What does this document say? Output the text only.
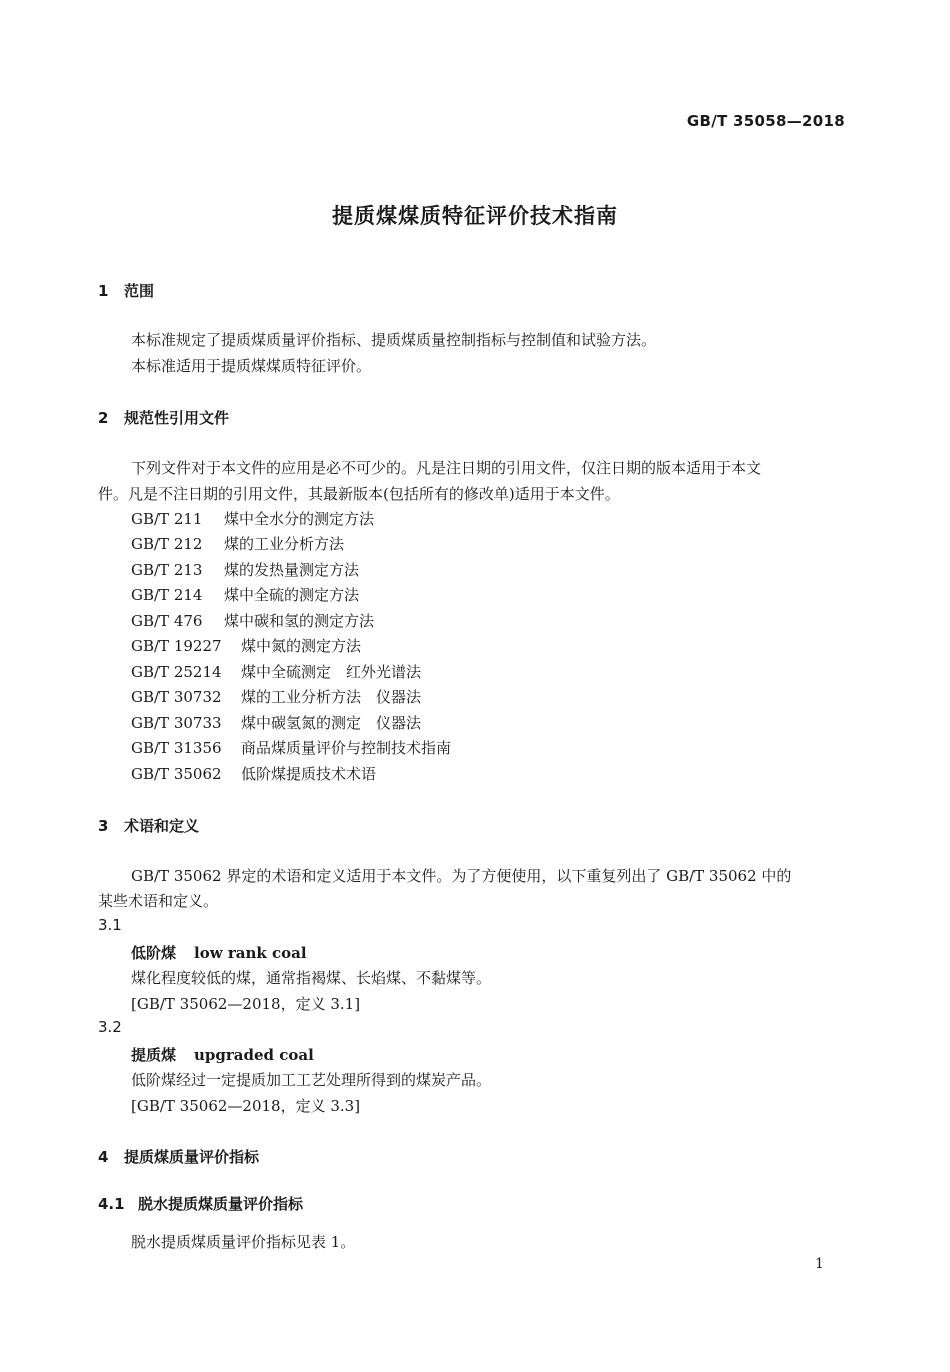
GB/T 35058—2018
提质煤煤质特征评价技术指南
1 范围
本标准规定了提质煤质量评价指标、提质煤质量控制指标与控制值和试验方法。
本标准适用于提质煤煤质特征评价。
2 规范性引用文件
下列文件对于本文件的应用是必不可少的。凡是注日期的引用文件，仅注日期的版本适用于本文
件。凡是不注日期的引用文件，其最新版本(包括所有的修改单)适用于本文件。
GB/T 211 煤中全水分的测定方法
GB/T 212 煤的工业分析方法
GB/T 213 煤的发热量测定方法
GB/T 214 煤中全硫的测定方法
GB/T 476 煤中碳和氢的测定方法
GB/T 19227 煤中氮的测定方法
GB/T 25214 煤中全硫测定　红外光谱法
GB/T 30732 煤的工业分析方法　仪器法
GB/T 30733 煤中碳氢氮的测定　仪器法
GB/T 31356 商品煤质量评价与控制技术指南
GB/T 35062 低阶煤提质技术术语
3 术语和定义
GB/T 35062 界定的术语和定义适用于本文件。为了方便使用，以下重复列出了 GB/T 35062 中的
某些术语和定义。
3.1
低阶煤 low rank coal
煤化程度较低的煤，通常指褐煤、长焰煤、不黏煤等。
[GB/T 35062—2018，定义 3.1]
3.2
提质煤 upgraded coal
低阶煤经过一定提质加工工艺处理所得到的煤炭产品。
[GB/T 35062—2018，定义 3.3]
4 提质煤质量评价指标
4.1 脱水提质煤质量评价指标
脱水提质煤质量评价指标见表 1。
1
